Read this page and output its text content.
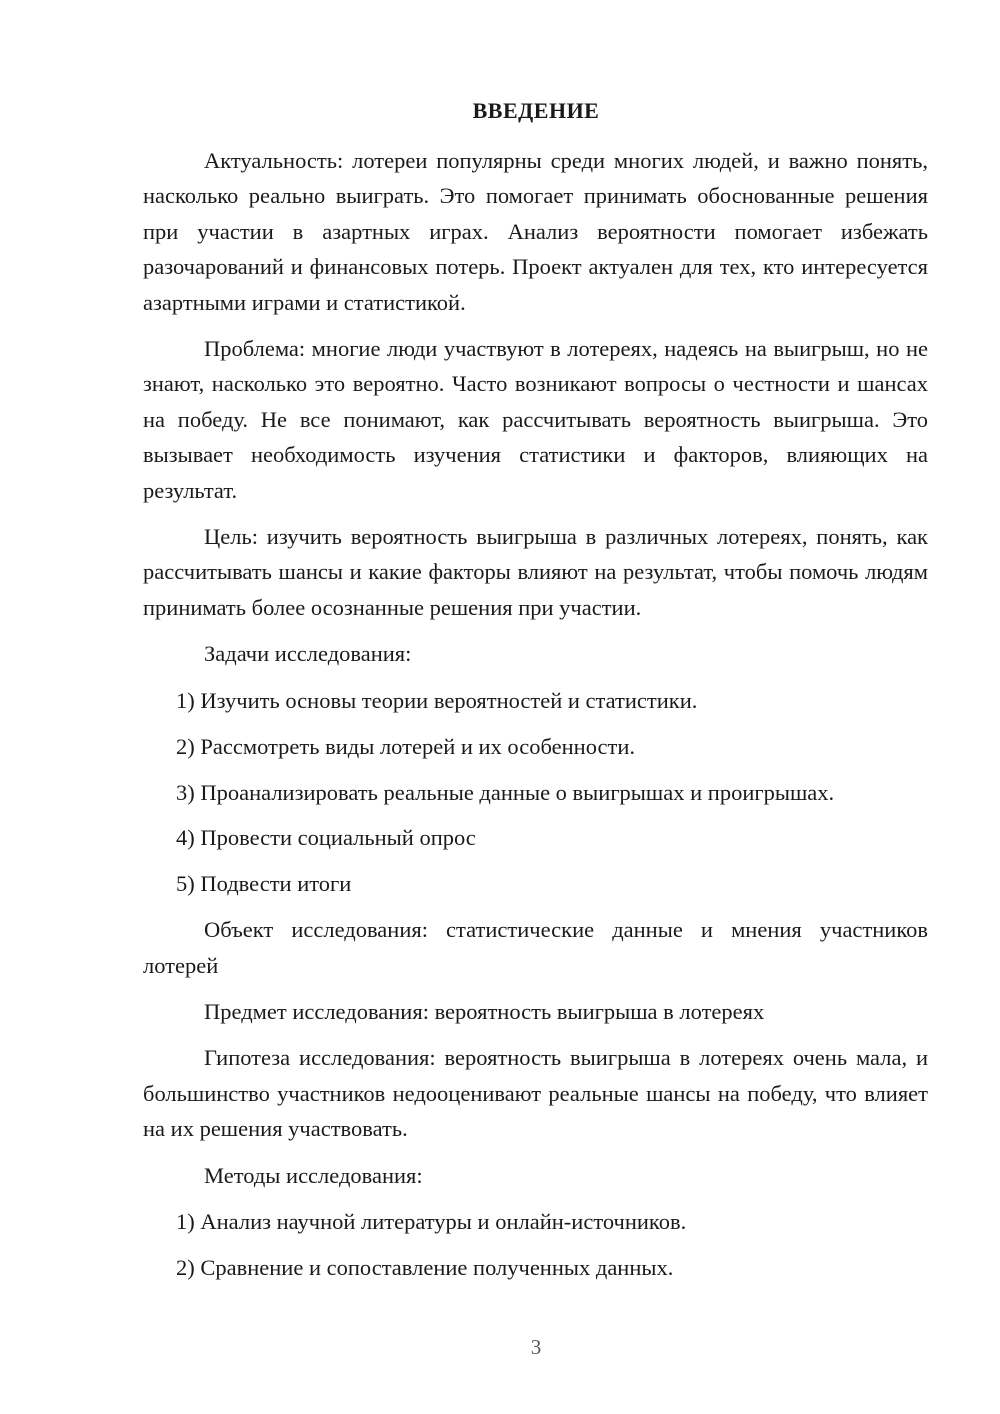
ВВЕДЕНИЕ

Актуальность: лотереи популярны среди многих людей, и важно понять, насколько реально выиграть. Это помогает принимать обоснованные решения при участии в азартных играх. Анализ вероятности помогает избежать разочарований и финансовых потерь. Проект актуален для тех, кто интересуется азартными играми и статистикой.

Проблема: многие люди участвуют в лотереях, надеясь на выигрыш, но не знают, насколько это вероятно. Часто возникают вопросы о честности и шансах на победу. Не все понимают, как рассчитывать вероятность выигрыша. Это вызывает необходимость изучения статистики и факторов, влияющих на результат.

Цель: изучить вероятность выигрыша в различных лотереях, понять, как рассчитывать шансы и какие факторы влияют на результат, чтобы помочь людям принимать более осознанные решения при участии.

Задачи исследования:

1) Изучить основы теории вероятностей и статистики.
2) Рассмотреть виды лотерей и их особенности.
3) Проанализировать реальные данные о выигрышах и проигрышах.
4) Провести социальный опрос
5) Подвести итоги

Объект исследования: статистические данные и мнения участников лотерей

Предмет исследования: вероятность выигрыша в лотереях

Гипотеза исследования: вероятность выигрыша в лотереях очень мала, и большинство участников недооценивают реальные шансы на победу, что влияет на их решения участвовать.

Методы исследования:

1) Анализ научной литературы и онлайн-источников.
2) Сравнение и сопоставление полученных данных.
3
